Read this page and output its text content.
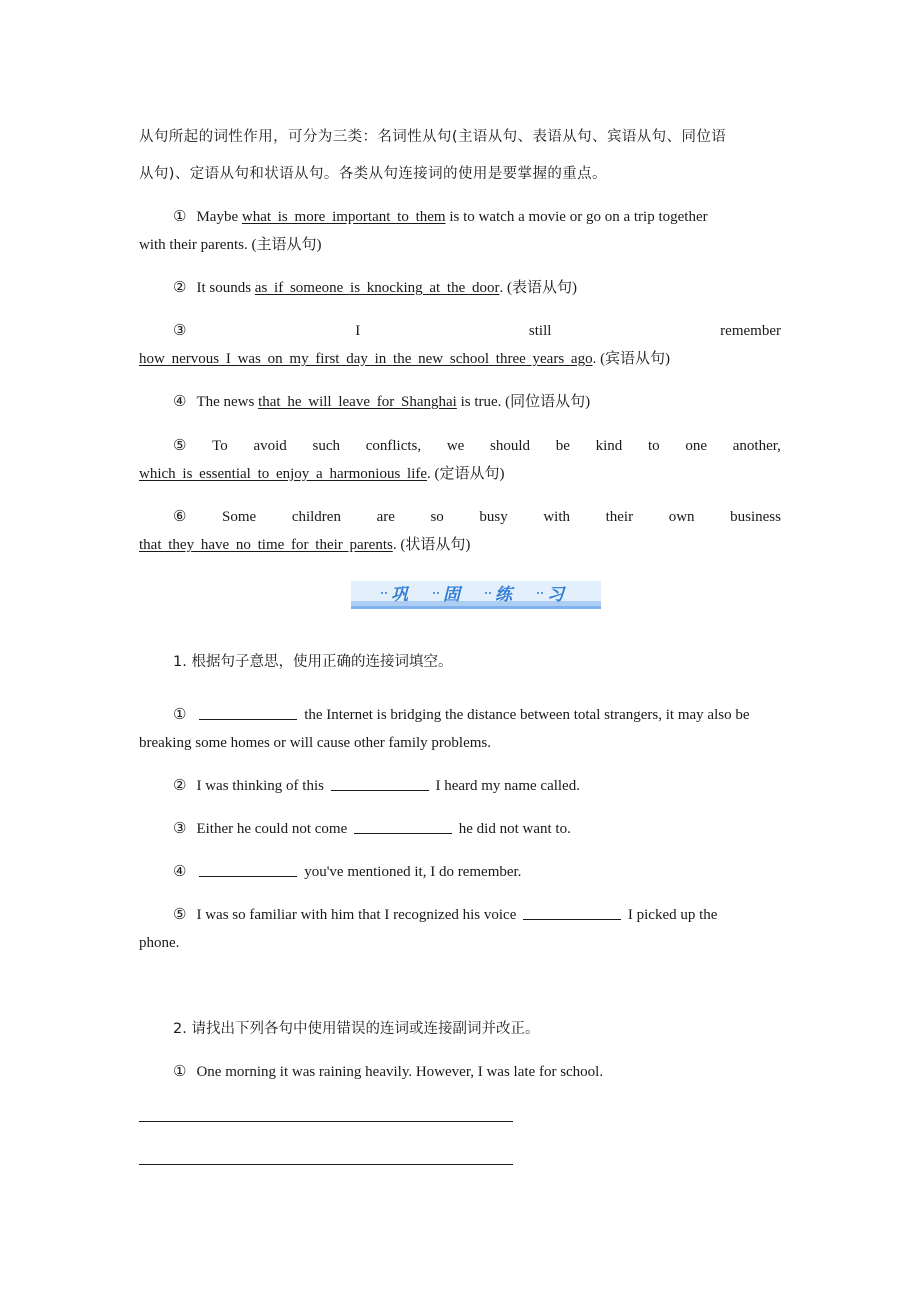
从句所起的词性作用，可分为三类：名词性从句(主语从句、表语从句、宾语从句、同位语
从句)、定语从句和状语从句。各类从句连接词的使用是要掌握的重点。
① Maybe what is more important to them is to watch a movie or go on a trip together
with their parents. (主语从句)
② It sounds as if someone is knocking at the door. (表语从句)
③	I	still	remember
how nervous I was on my first day in the new school three years ago. (宾语从句)
④ The news that he will leave for Shanghai is true. (同位语从句)
⑤ To avoid such conflicts, we should be kind to one another,
which is essential to enjoy a harmonious life. (定语从句)
⑥ Some children are so busy with their own business
that they have no time for their parents. (状语从句)
巩 固 练 习
1. 根据句子意思，使用正确的连接词填空。
①	the Internet is bridging the distance between total strangers, it may also be
breaking some homes or will cause other family problems.
② I was thinking of this	I heard my name called.
③ Either he could not come	he did not want to.
④	you've mentioned it, I do remember.
⑤ I was so familiar with him that I recognized his voice	I picked up the
phone.
2. 请找出下列各句中使用错误的连词或连接副词并改正。
① One morning it was raining heavily. However, I was late for school.
